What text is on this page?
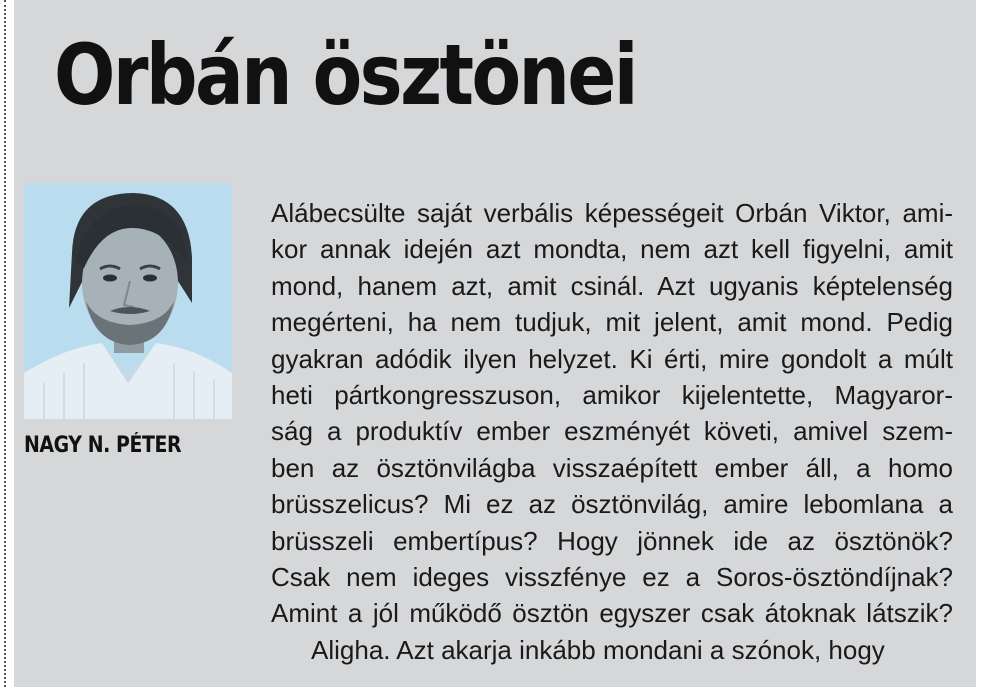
Orbán ösztönei
NAGY N. PÉTER
Alábecsülte saját verbális képességeit Orbán Viktor, ami-
kor annak idején azt mondta, nem azt kell figyelni, amit
mond, hanem azt, amit csinál. Azt ugyanis képtelenség
megérteni, ha nem tudjuk, mit jelent, amit mond. Pedig
gyakran adódik ilyen helyzet. Ki érti, mire gondolt a múlt
heti pártkongresszuson, amikor kijelentette, Magyaror-
ság a produktív ember eszményét követi, amivel szem-
ben az ösztönvilágba visszaépített ember áll, a homo
brüsszelicus? Mi ez az ösztönvilág, amire lebomlana a
brüsszeli embertípus? Hogy jönnek ide az ösztönök?
Csak nem ideges visszfénye ez a Soros-ösztöndíjnak?
Amint a jól működő ösztön egyszer csak átoknak látszik?
Aligha. Azt akarja inkább mondani a szónok, hogy
